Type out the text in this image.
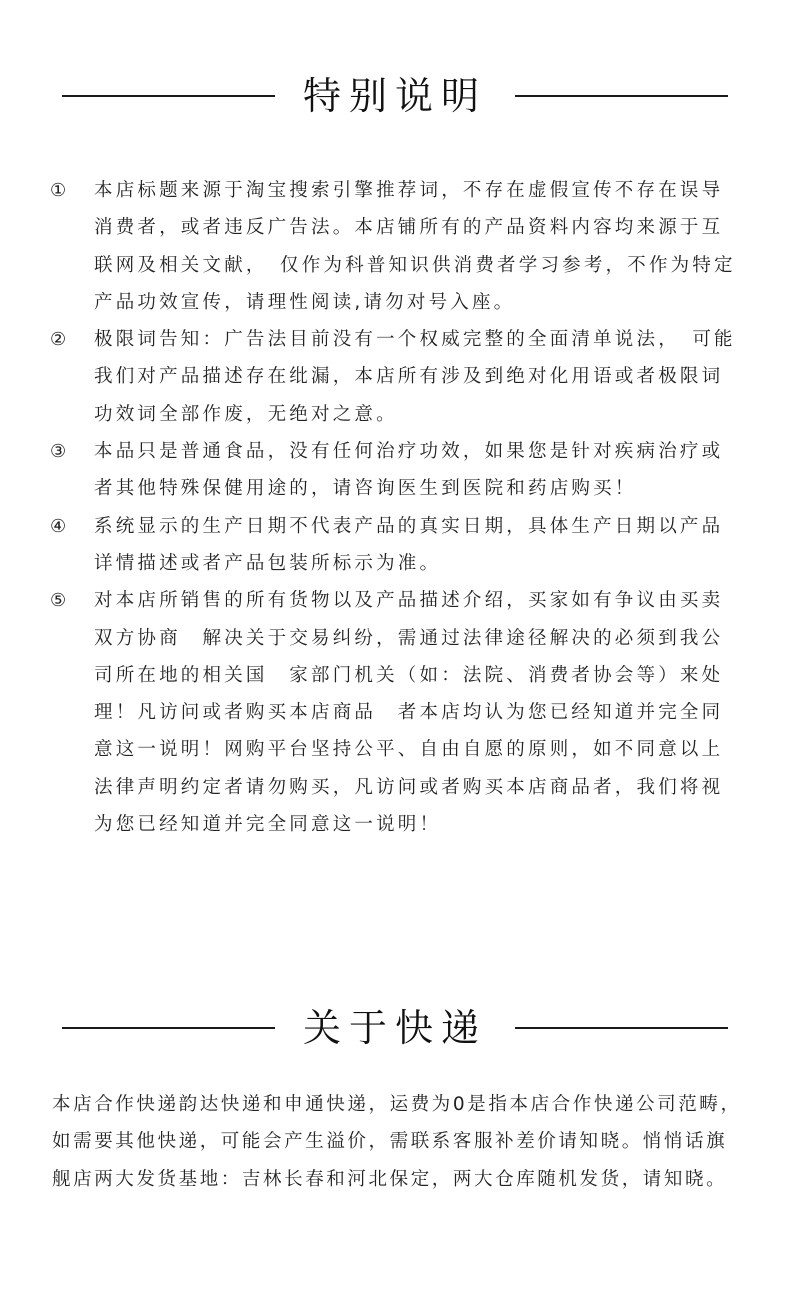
特别说明
① 本店标题来源于淘宝搜索引擎推荐词，不存在虚假宣传不存在误导消费者，或者违反广告法。本店铺所有的产品资料内容均来源于互联网及相关文献，　仅作为科普知识供消费者学习参考，不作为特定产品功效宣传，请理性阅读,请勿对号入座。
② 极限词告知：广告法目前没有一个权威完整的全面清单说法，　可能我们对产品描述存在纰漏，本店所有涉及到绝对化用语或者极限词功效词全部作废，无绝对之意。
③ 本品只是普通食品，没有任何治疗功效，如果您是针对疾病治疗或者其他特殊保健用途的，请咨询医生到医院和药店购买！
④ 系统显示的生产日期不代表产品的真实日期，具体生产日期以产品详情描述或者产品包装所标示为准。
⑤ 对本店所销售的所有货物以及产品描述介绍，买家如有争议由买卖双方协商　解决关于交易纠纷，需通过法律途径解决的必须到我公司所在地的相关国　家部门机关（如：法院、消费者协会等）来处理！凡访问或者购买本店商品　者本店均认为您已经知道并完全同意这一说明！网购平台坚持公平、自由自愿的原则，如不同意以上法律声明约定者请勿购买，凡访问或者购买本店商品者，我们将视为您已经知道并完全同意这一说明！
关于快递
本店合作快递韵达快递和申通快递，运费为0是指本店合作快递公司范畴，如需要其他快递，可能会产生溢价，需联系客服补差价请知晓。悄悄话旗舰店两大发货基地：吉林长春和河北保定，两大仓库随机发货，请知晓。
